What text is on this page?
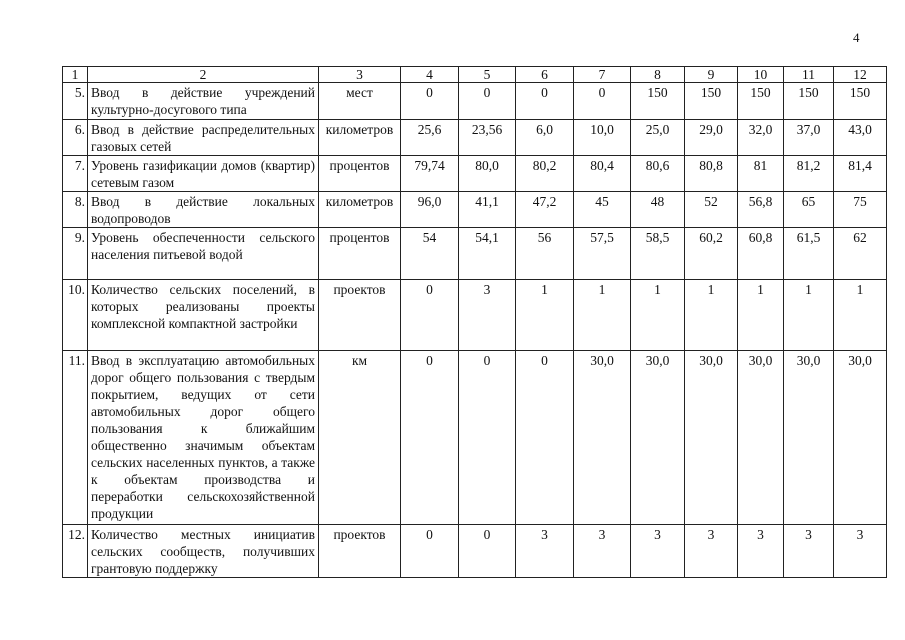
4
1	2	3	4	5	6	7	8	9	10	11	12
5.	Ввод в действие учреждений культурно-досугового типа	мест	0	0	0	0	150	150	150	150	150
6.	Ввод в действие распределительных газовых сетей	километров	25,6	23,56	6,0	10,0	25,0	29,0	32,0	37,0	43,0
7.	Уровень газификации домов (квартир) сетевым газом	процентов	79,74	80,0	80,2	80,4	80,6	80,8	81	81,2	81,4
8.	Ввод в действие локальных водопроводов	километров	96,0	41,1	47,2	45	48	52	56,8	65	75
9.	Уровень обеспеченности сельского населения питьевой водой	процентов	54	54,1	56	57,5	58,5	60,2	60,8	61,5	62
10.	Количество сельских поселений, в которых реализованы проекты комплексной компактной застройки	проектов	0	3	1	1	1	1	1	1	1
11.	Ввод в эксплуатацию автомобильных дорог общего пользования с твердым покрытием, ведущих от сети автомобильных дорог общего пользования к ближайшим общественно значимым объектам сельских населенных пунктов, а также к объектам производства и переработки сельскохозяйственной продукции	км	0	0	0	30,0	30,0	30,0	30,0	30,0	30,0
12.	Количество местных инициатив сельских сообществ, получивших грантовую поддержку	проектов	0	0	3	3	3	3	3	3	3
